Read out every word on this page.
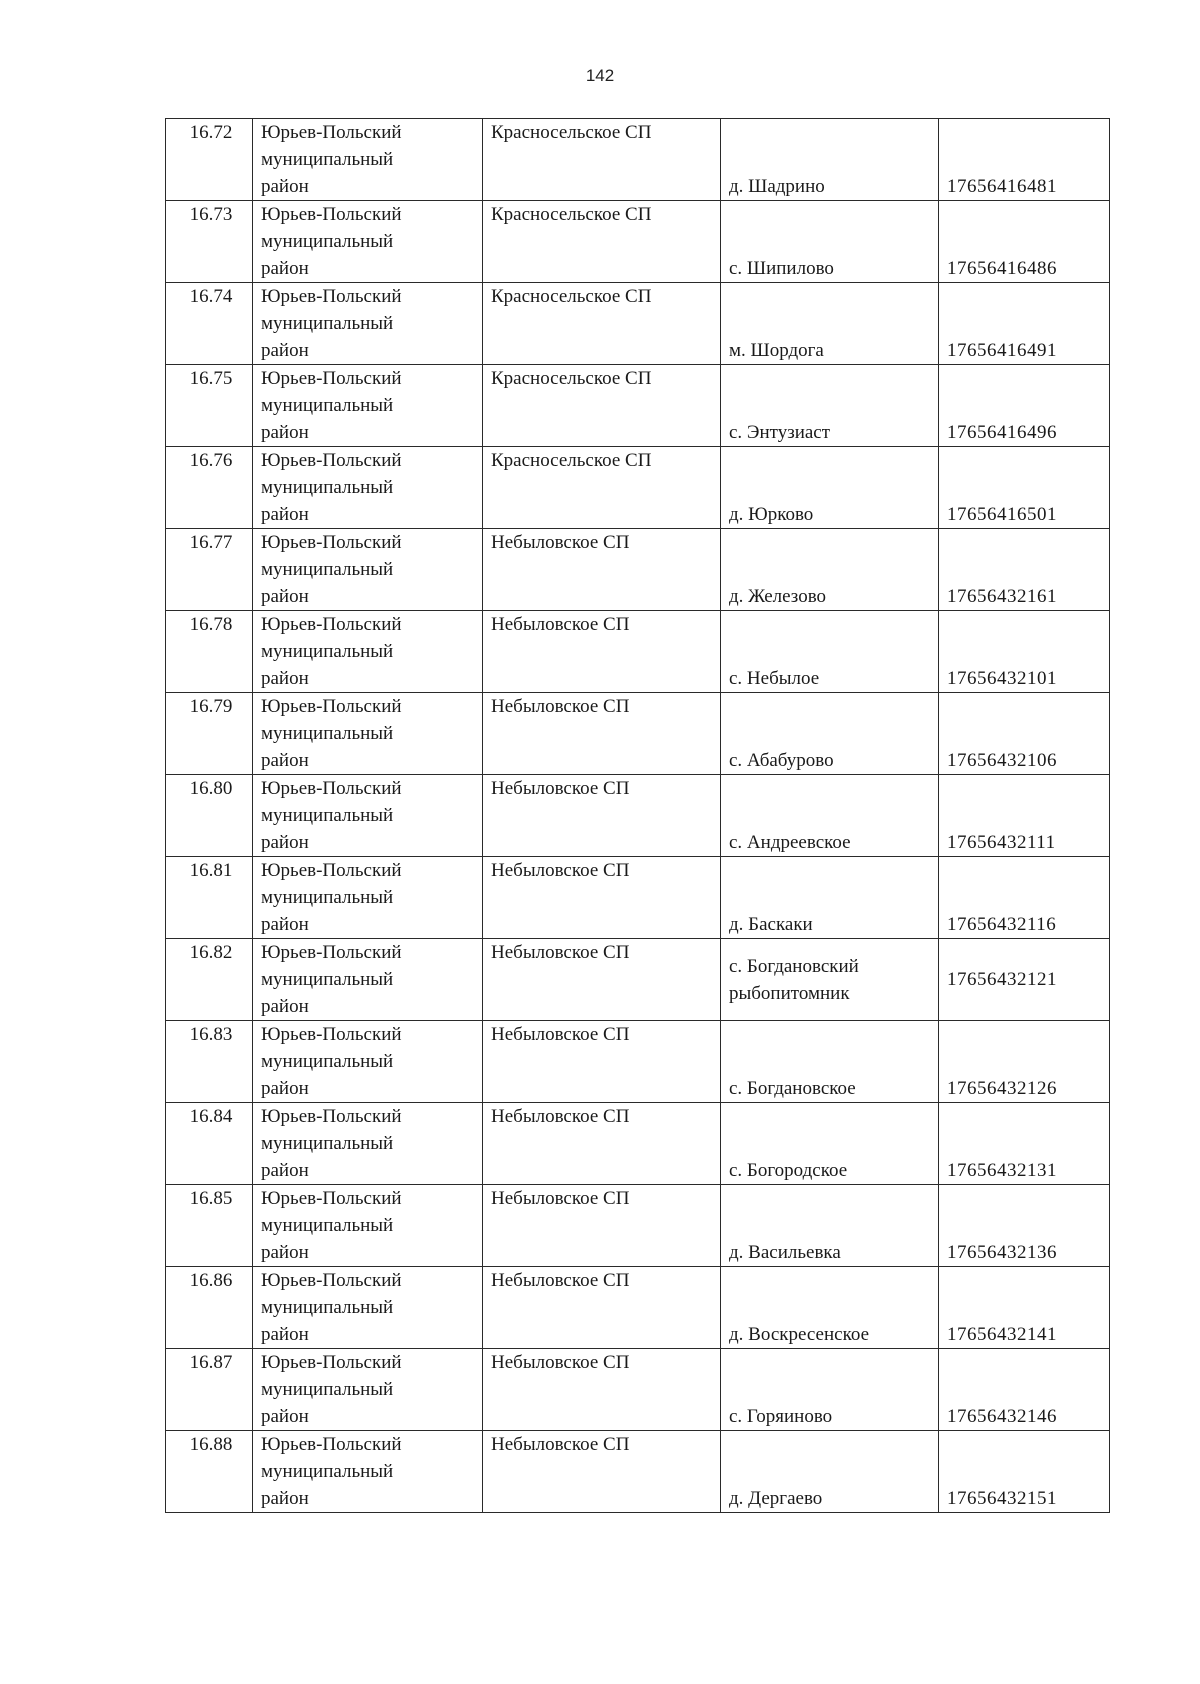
142
16.72	Юрьев-Польский
муниципальный
район	Красносельское СП	д. Шадрино	17656416481
16.73	Юрьев-Польский
муниципальный
район	Красносельское СП	с. Шипилово	17656416486
16.74	Юрьев-Польский
муниципальный
район	Красносельское СП	м. Шордога	17656416491
16.75	Юрьев-Польский
муниципальный
район	Красносельское СП	с. Энтузиаст	17656416496
16.76	Юрьев-Польский
муниципальный
район	Красносельское СП	д. Юрково	17656416501
16.77	Юрьев-Польский
муниципальный
район	Небыловское СП	д. Железово	17656432161
16.78	Юрьев-Польский
муниципальный
район	Небыловское СП	с. Небылое	17656432101
16.79	Юрьев-Польский
муниципальный
район	Небыловское СП	с. Абабурово	17656432106
16.80	Юрьев-Польский
муниципальный
район	Небыловское СП	с. Андреевское	17656432111
16.81	Юрьев-Польский
муниципальный
район	Небыловское СП	д. Баскаки	17656432116
16.82	Юрьев-Польский
муниципальный
район	Небыловское СП	с. Богдановский
рыбопитомник	17656432121
16.83	Юрьев-Польский
муниципальный
район	Небыловское СП	с. Богдановское	17656432126
16.84	Юрьев-Польский
муниципальный
район	Небыловское СП	с. Богородское	17656432131
16.85	Юрьев-Польский
муниципальный
район	Небыловское СП	д. Васильевка	17656432136
16.86	Юрьев-Польский
муниципальный
район	Небыловское СП	д. Воскресенское	17656432141
16.87	Юрьев-Польский
муниципальный
район	Небыловское СП	с. Горяиново	17656432146
16.88	Юрьев-Польский
муниципальный
район	Небыловское СП	д. Дергаево	17656432151
